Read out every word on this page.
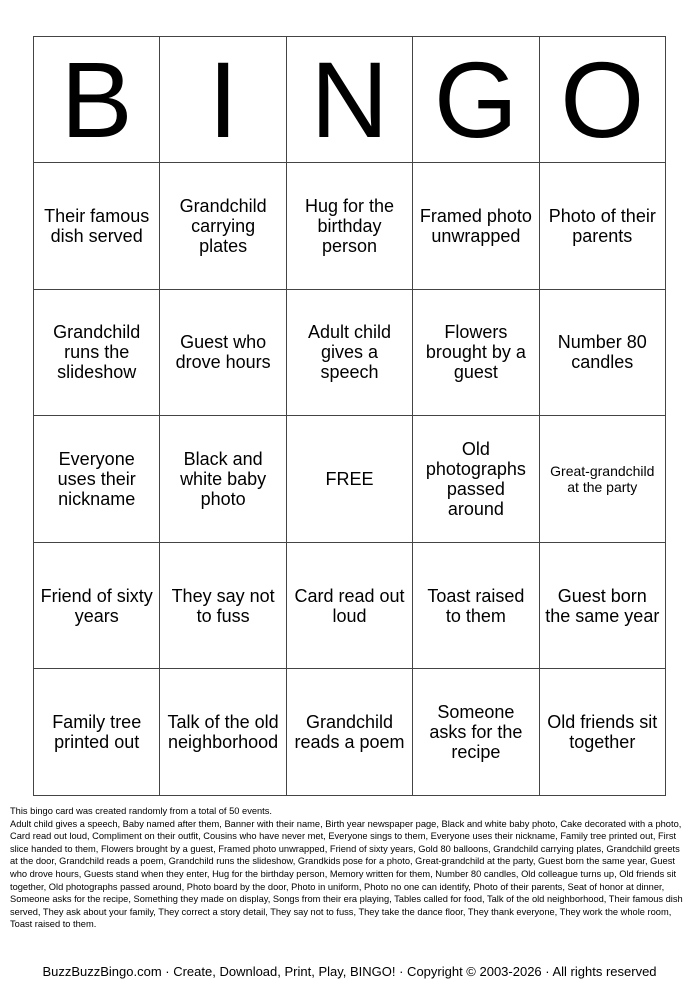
B I N G O
Their famous dish served
Grandchild carrying plates
Hug for the birthday person
Framed photo unwrapped
Photo of their parents
Grandchild runs the slideshow
Guest who drove hours
Adult child gives a speech
Flowers brought by a guest
Number 80 candles
Everyone uses their nickname
Black and white baby photo
FREE
Old photographs passed around
Great-grandchild at the party
Friend of sixty years
They say not to fuss
Card read out loud
Toast raised to them
Guest born the same year
Family tree printed out
Talk of the old neighborhood
Grandchild reads a poem
Someone asks for the recipe
Old friends sit together
This bingo card was created randomly from a total of 50 events.
Adult child gives a speech, Baby named after them, Banner with their name, Birth year newspaper page, Black and white baby photo, Cake decorated with a photo, Card read out loud, Compliment on their outfit, Cousins who have never met, Everyone sings to them, Everyone uses their nickname, Family tree printed out, First slice handed to them, Flowers brought by a guest, Framed photo unwrapped, Friend of sixty years, Gold 80 balloons, Grandchild carrying plates, Grandchild greets at the door, Grandchild reads a poem, Grandchild runs the slideshow, Grandkids pose for a photo, Great-grandchild at the party, Guest born the same year, Guest who drove hours, Guests stand when they enter, Hug for the birthday person, Memory written for them, Number 80 candles, Old colleague turns up, Old friends sit together, Old photographs passed around, Photo board by the door, Photo in uniform, Photo no one can identify, Photo of their parents, Seat of honor at dinner, Someone asks for the recipe, Something they made on display, Songs from their era playing, Tables called for food, Talk of the old neighborhood, Their famous dish served, They ask about your family, They correct a story detail, They say not to fuss, They take the dance floor, They thank everyone, They work the whole room, Toast raised to them.
BuzzBuzzBingo.com · Create, Download, Print, Play, BINGO! · Copyright © 2003-2026 · All rights reserved
